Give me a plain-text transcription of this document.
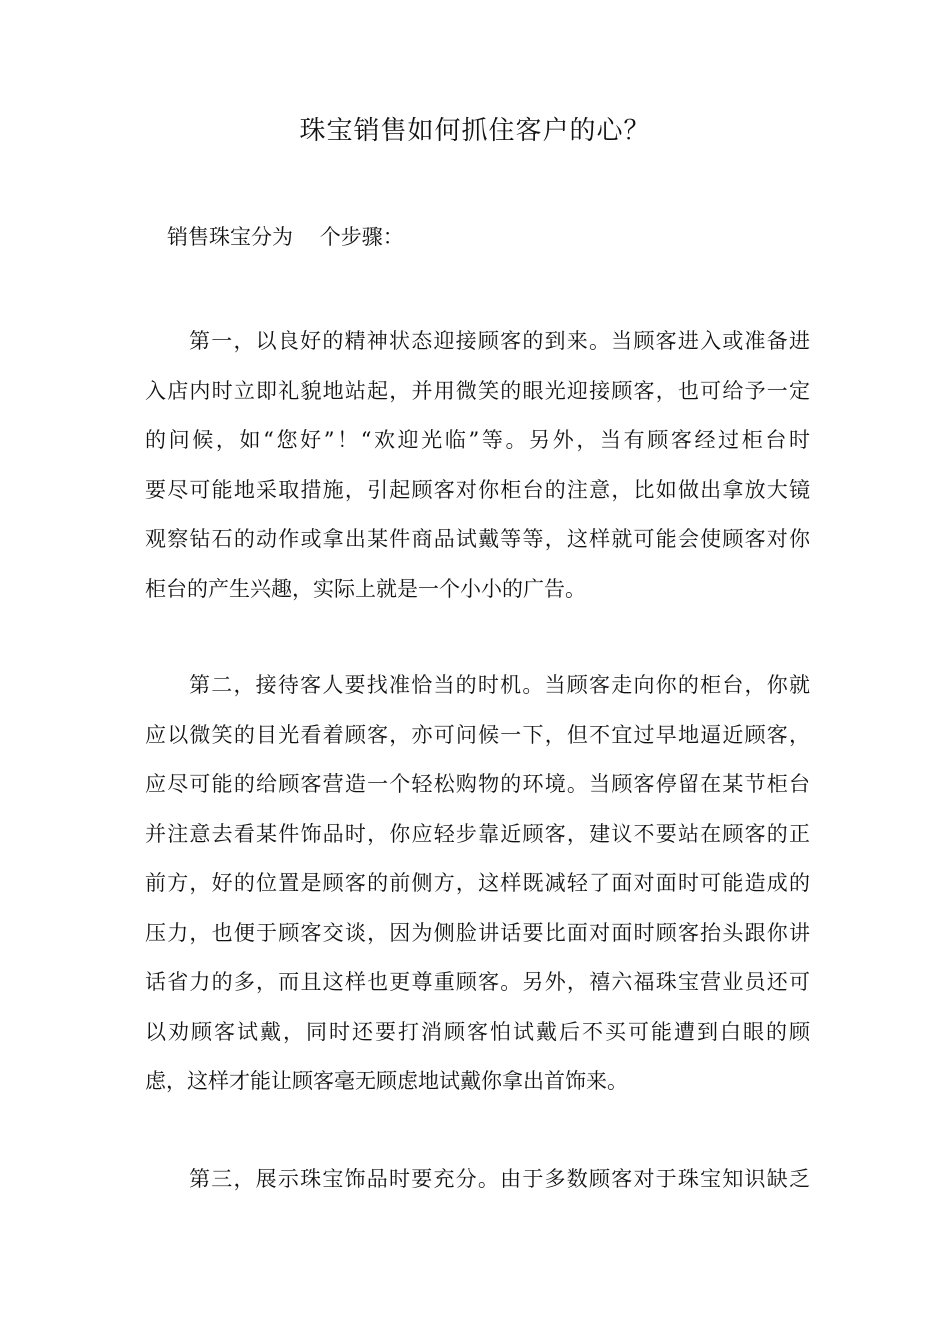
珠宝销售如何抓住客户的心？
销售珠宝分为    个步骤：
第一，以良好的精神状态迎接顾客的到来。当顾客进入或准备进
入店内时立即礼貌地站起，并用微笑的眼光迎接顾客，也可给予一定
的问候，如“您好”！“欢迎光临”等。另外，当有顾客经过柜台时
要尽可能地采取措施，引起顾客对你柜台的注意，比如做出拿放大镜
观察钻石的动作或拿出某件商品试戴等等，这样就可能会使顾客对你
柜台的产生兴趣，实际上就是一个小小的广告。
第二，接待客人要找准恰当的时机。当顾客走向你的柜台，你就
应以微笑的目光看着顾客，亦可问候一下，但不宜过早地逼近顾客，
应尽可能的给顾客营造一个轻松购物的环境。当顾客停留在某节柜台
并注意去看某件饰品时，你应轻步靠近顾客，建议不要站在顾客的正
前方，好的位置是顾客的前侧方，这样既减轻了面对面时可能造成的
压力，也便于顾客交谈，因为侧脸讲话要比面对面时顾客抬头跟你讲
话省力的多，而且这样也更尊重顾客。另外，禧六福珠宝营业员还可
以劝顾客试戴，同时还要打消顾客怕试戴后不买可能遭到白眼的顾
虑，这样才能让顾客毫无顾虑地试戴你拿出首饰来。
第三，展示珠宝饰品时要充分。由于多数顾客对于珠宝知识缺乏
